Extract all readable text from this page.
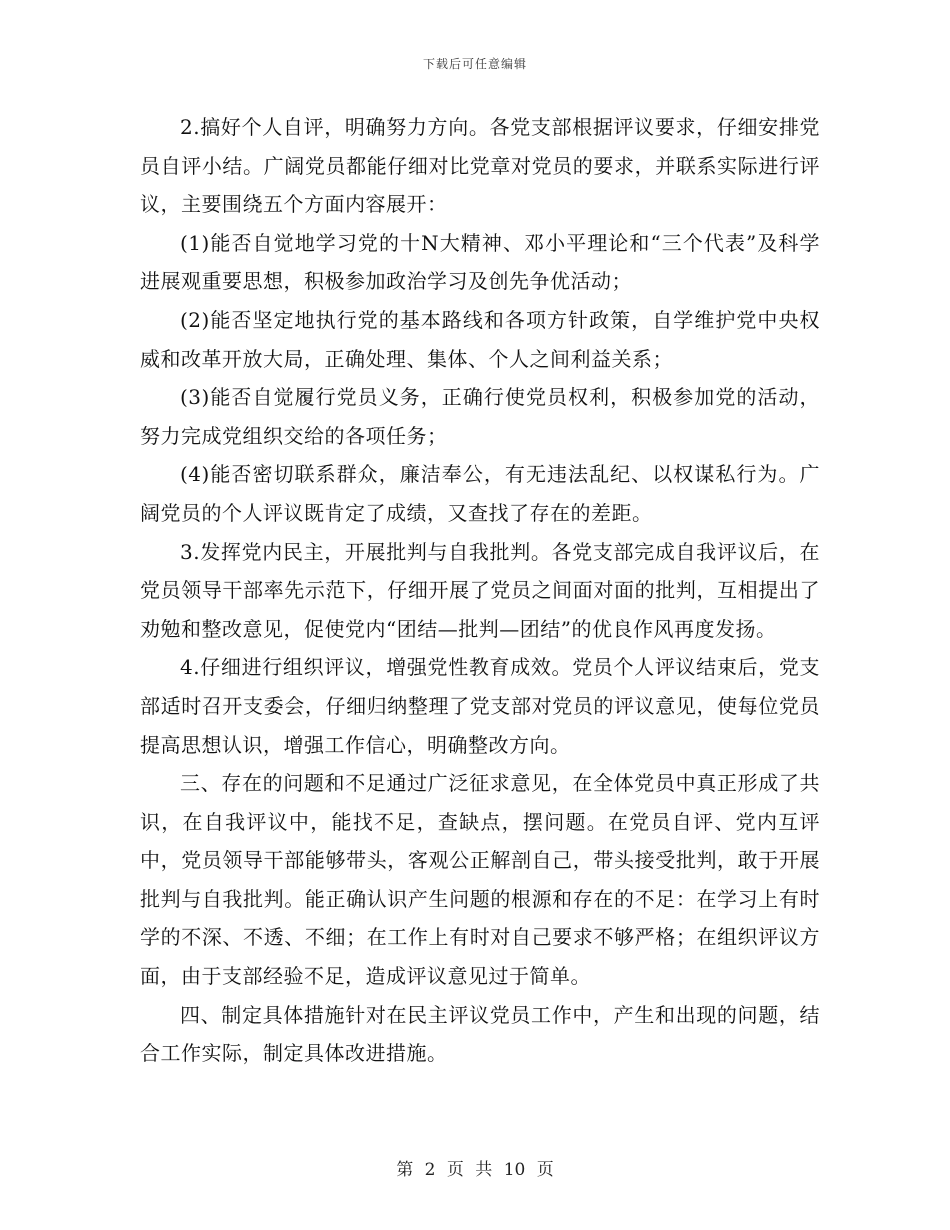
下载后可任意编辑

2.搞好个人自评，明确努力方向。各党支部根据评议要求，仔细安排党员自评小结。广阔党员都能仔细对比党章对党员的要求，并联系实际进行评议，主要围绕五个方面内容展开：

(1)能否自觉地学习党的十N大精神、邓小平理论和“三个代表”及科学进展观重要思想，积极参加政治学习及创先争优活动；

(2)能否坚定地执行党的基本路线和各项方针政策，自学维护党中央权威和改革开放大局，正确处理、集体、个人之间利益关系；

(3)能否自觉履行党员义务，正确行使党员权利，积极参加党的活动，努力完成党组织交给的各项任务；

(4)能否密切联系群众，廉洁奉公，有无违法乱纪、以权谋私行为。广阔党员的个人评议既肯定了成绩，又查找了存在的差距。

3.发挥党内民主，开展批判与自我批判。各党支部完成自我评议后，在党员领导干部率先示范下，仔细开展了党员之间面对面的批判，互相提出了劝勉和整改意见，促使党内“团结—批判—团结”的优良作风再度发扬。

4.仔细进行组织评议，增强党性教育成效。党员个人评议结束后，党支部适时召开支委会，仔细归纳整理了党支部对党员的评议意见，使每位党员提高思想认识，增强工作信心，明确整改方向。

三、存在的问题和不足通过广泛征求意见，在全体党员中真正形成了共识，在自我评议中，能找不足，查缺点，摆问题。在党员自评、党内互评中，党员领导干部能够带头，客观公正解剖自己，带头接受批判，敢于开展批判与自我批判。能正确认识产生问题的根源和存在的不足：在学习上有时学的不深、不透、不细；在工作上有时对自己要求不够严格；在组织评议方面，由于支部经验不足，造成评议意见过于简单。

四、制定具体措施针对在民主评议党员工作中，产生和出现的问题，结合工作实际，制定具体改进措施。

第 2 页 共 10 页
